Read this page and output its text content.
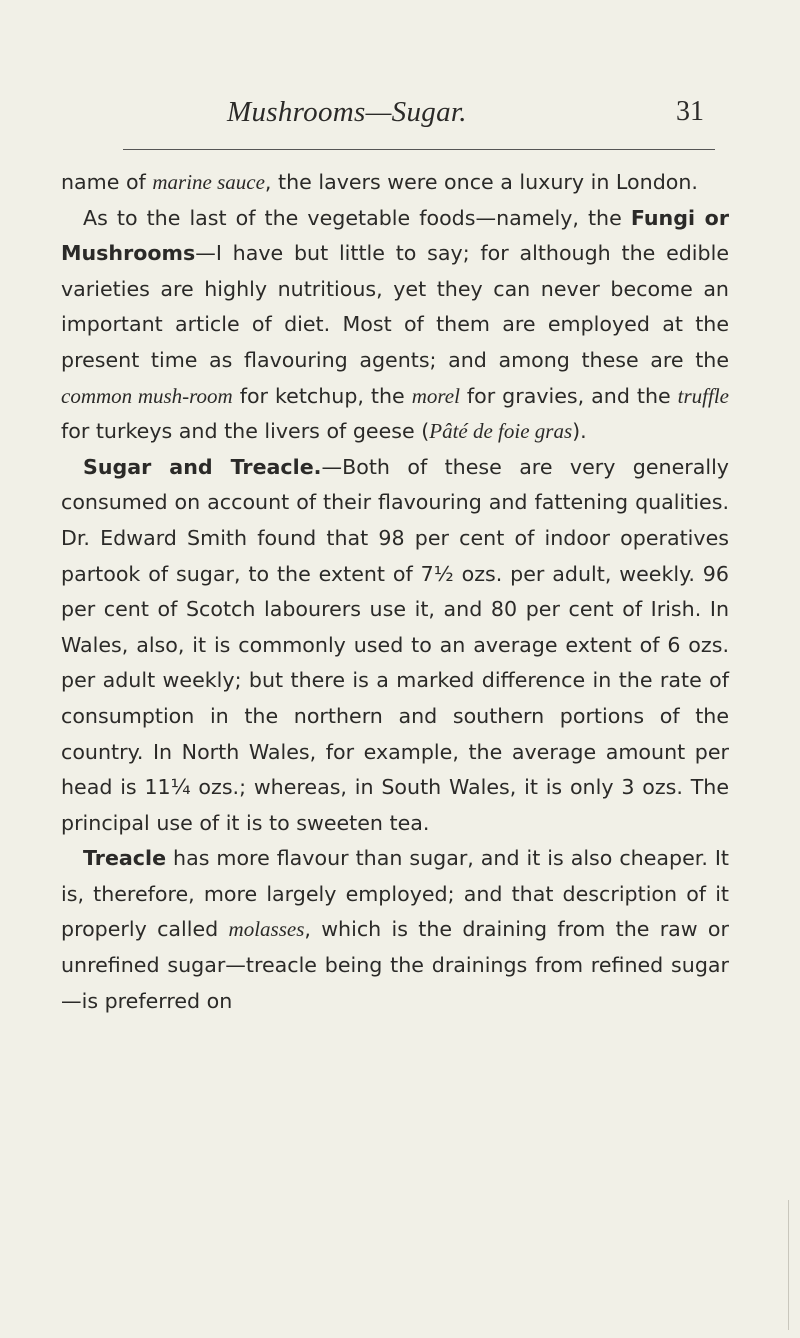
Mushrooms—Sugar.	31

name of marine sauce, the lavers were once a luxury in London.

As to the last of the vegetable foods—namely, the Fungi or Mushrooms—I have but little to say; for although the edible varieties are highly nutritious, yet they can never become an important article of diet. Most of them are employed at the present time as flavouring agents; and among these are the common mush-room for ketchup, the morel for gravies, and the truffle for turkeys and the livers of geese (Pâté de foie gras).

Sugar and Treacle.—Both of these are very generally consumed on account of their flavouring and fattening qualities. Dr. Edward Smith found that 98 per cent of indoor operatives partook of sugar, to the extent of 7½ ozs. per adult, weekly. 96 per cent of Scotch labourers use it, and 80 per cent of Irish. In Wales, also, it is commonly used to an average extent of 6 ozs. per adult weekly; but there is a marked difference in the rate of consumption in the northern and southern portions of the country. In North Wales, for example, the average amount per head is 11¼ ozs.; whereas, in South Wales, it is only 3 ozs. The principal use of it is to sweeten tea.

Treacle has more flavour than sugar, and it is also cheaper. It is, therefore, more largely employed; and that description of it properly called molasses, which is the draining from the raw or unrefined sugar—treacle being the drainings from refined sugar—is preferred on
